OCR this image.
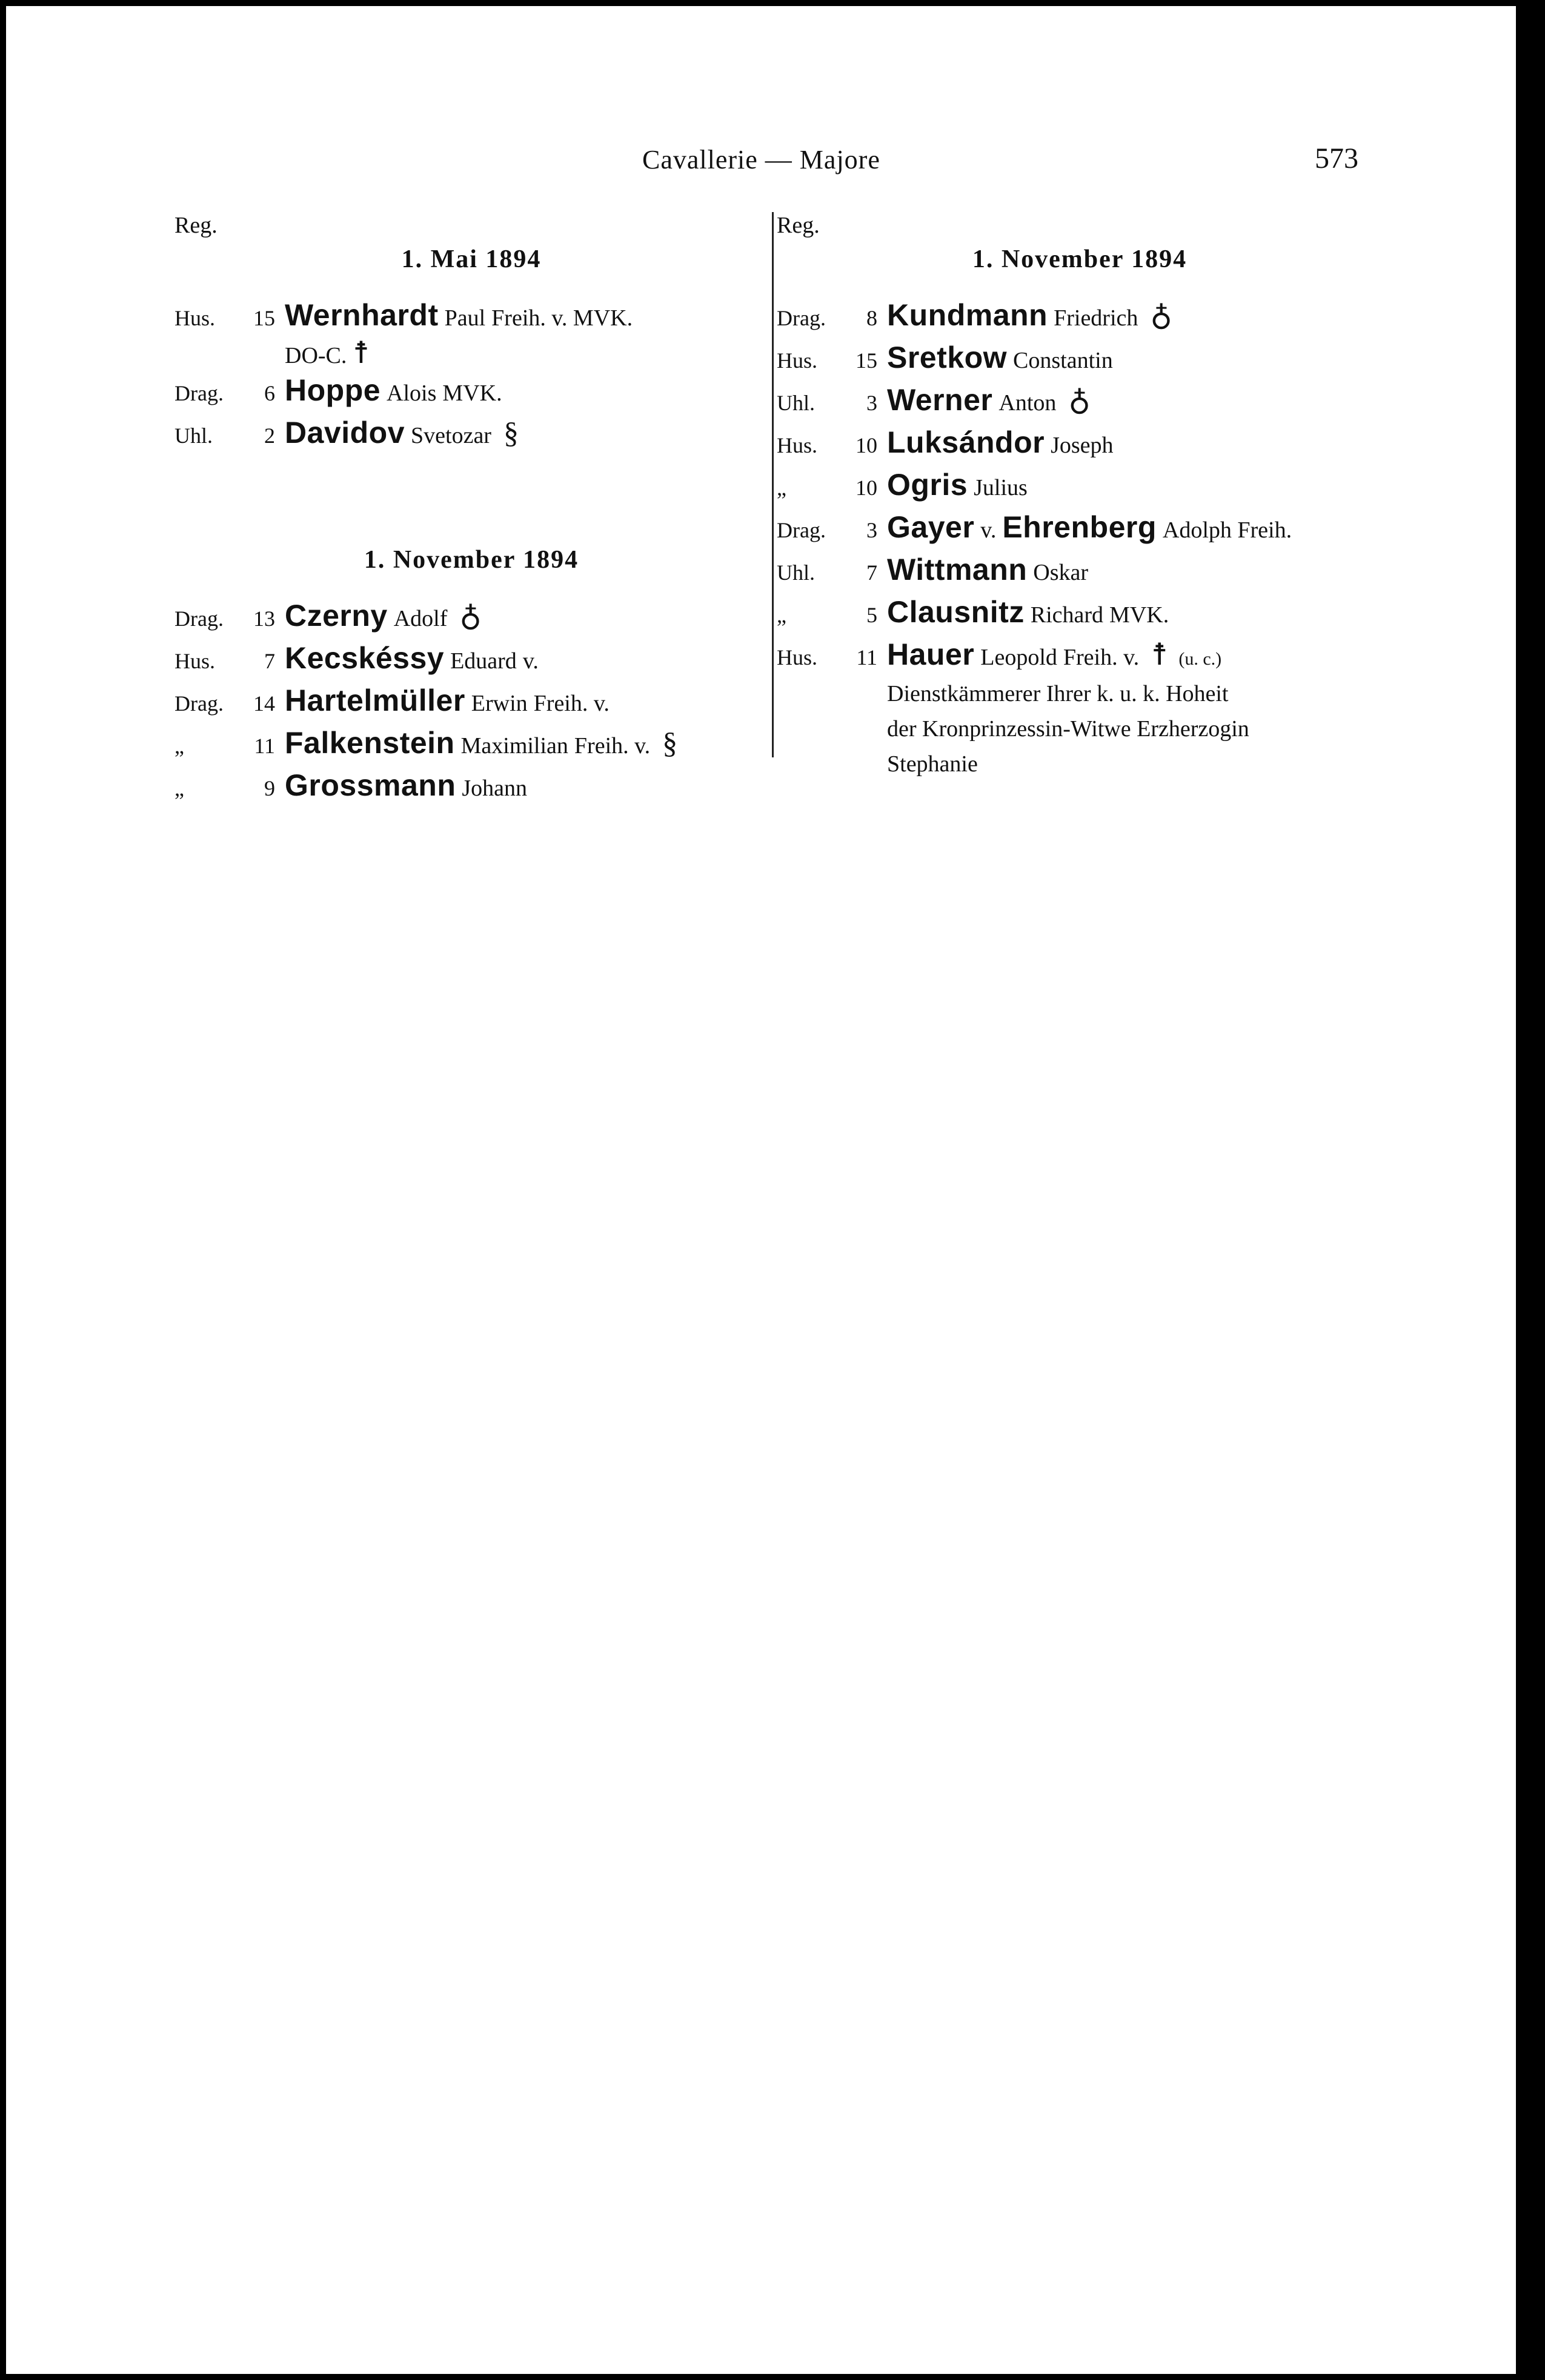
Cavallerie — Majore	573
Reg.
1. Mai 1894
Hus.	15 Wernhardt Paul Freih. v. MVK.
DO-C. ☨
Drag.	6 Hoppe Alois MVK.
Uhl.	2 Davidov Svetozar §
1. November 1894
Drag.	13 Czerny Adolf ♁
Hus.	7 Kecskéssy Eduard v.
Drag.	14 Hartelmüller Erwin Freih. v.
„	11 Falkenstein Maximilian Freih. v. §
„	9 Grossmann Johann
Reg.
1. November 1894
Drag.	8 Kundmann Friedrich ♁
Hus.	15 Sretkow Constantin
Uhl.	3 Werner Anton ♁
Hus.	10 Luksándor Joseph
„	10 Ogris Julius
Drag.	3 Gayer v. Ehrenberg Adolph Freih.
Uhl.	7 Wittmann Oskar
„	5 Clausnitz Richard MVK.
Hus.	11 Hauer Leopold Freih. v. ☨ (u. c.)
Dienstkämmerer Ihrer k. u. k. Hoheit
der Kronprinzessin-Witwe Erzherzogin
Stephanie
